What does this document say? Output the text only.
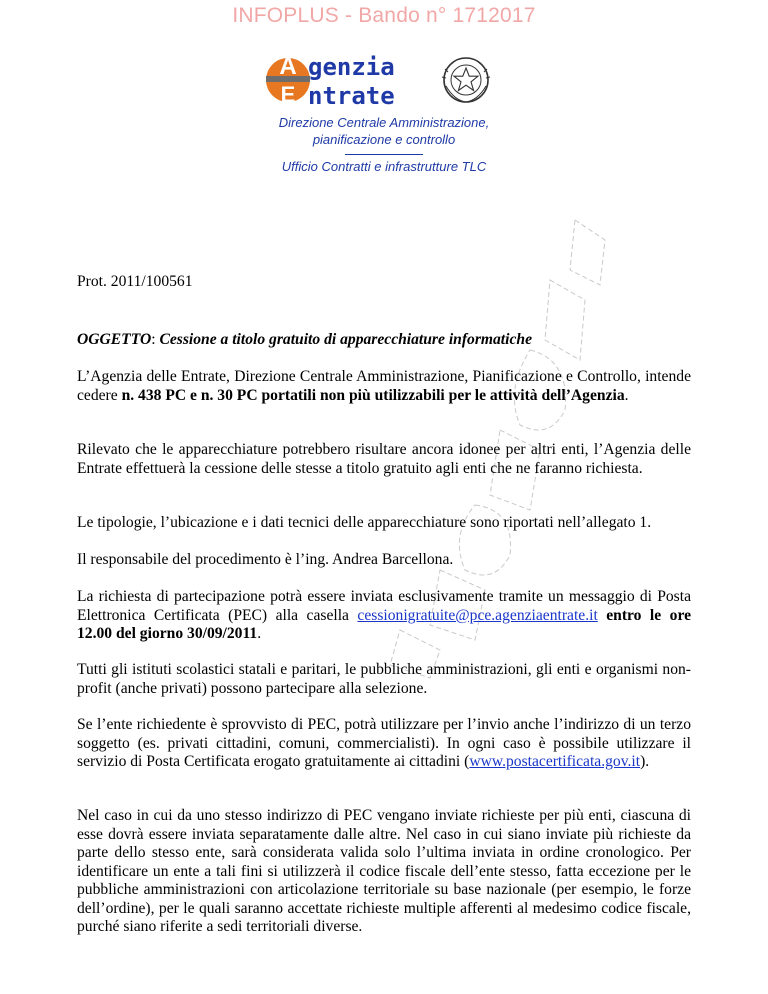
INFOPLUS - Bando n° 1712017
A
E
genzia
ntrate
Direzione Centrale Amministrazione,
pianificazione e controllo
Ufficio Contratti e infrastrutture TLC
Prot. 2011/100561
OGGETTO: Cessione a titolo gratuito di apparecchiature informatiche
L’Agenzia delle Entrate, Direzione Centrale Amministrazione, Pianificazione e Controllo, intende cedere n. 438 PC e n. 30 PC portatili non più utilizzabili per le attività dell’Agenzia.
Rilevato che le apparecchiature potrebbero risultare ancora idonee per altri enti, l’Agenzia delle Entrate effettuerà la cessione delle stesse a titolo gratuito agli enti che ne faranno richiesta.
Le tipologie, l’ubicazione e i dati tecnici delle apparecchiature sono riportati nell’allegato 1.
Il responsabile del procedimento è l’ing. Andrea Barcellona.
La richiesta di partecipazione potrà essere inviata esclusivamente tramite un messaggio di Posta Elettronica Certificata (PEC) alla casella cessionigratuite@pce.agenziaentrate.it entro le ore 12.00 del giorno 30/09/2011.
Tutti gli istituti scolastici statali e paritari, le pubbliche amministrazioni, gli enti e organismi non-profit (anche privati) possono partecipare alla selezione.
Se l’ente richiedente è sprovvisto di PEC, potrà utilizzare per l’invio anche l’indirizzo di un terzo soggetto (es. privati cittadini, comuni, commercialisti). In ogni caso è possibile utilizzare il servizio di Posta Certificata erogato gratuitamente ai cittadini (www.postacertificata.gov.it).
Nel caso in cui da uno stesso indirizzo di PEC vengano inviate richieste per più enti, ciascuna di esse dovrà essere inviata separatamente dalle altre. Nel caso in cui siano inviate più richieste da parte dello stesso ente, sarà considerata valida solo l’ultima inviata in ordine cronologico. Per identificare un ente a tali fini si utilizzerà il codice fiscale dell’ente stesso, fatta eccezione per le pubbliche amministrazioni con articolazione territoriale su base nazionale (per esempio, le forze dell’ordine), per le quali saranno accettate richieste multiple afferenti al medesimo codice fiscale, purché siano riferite a sedi territoriali diverse.
